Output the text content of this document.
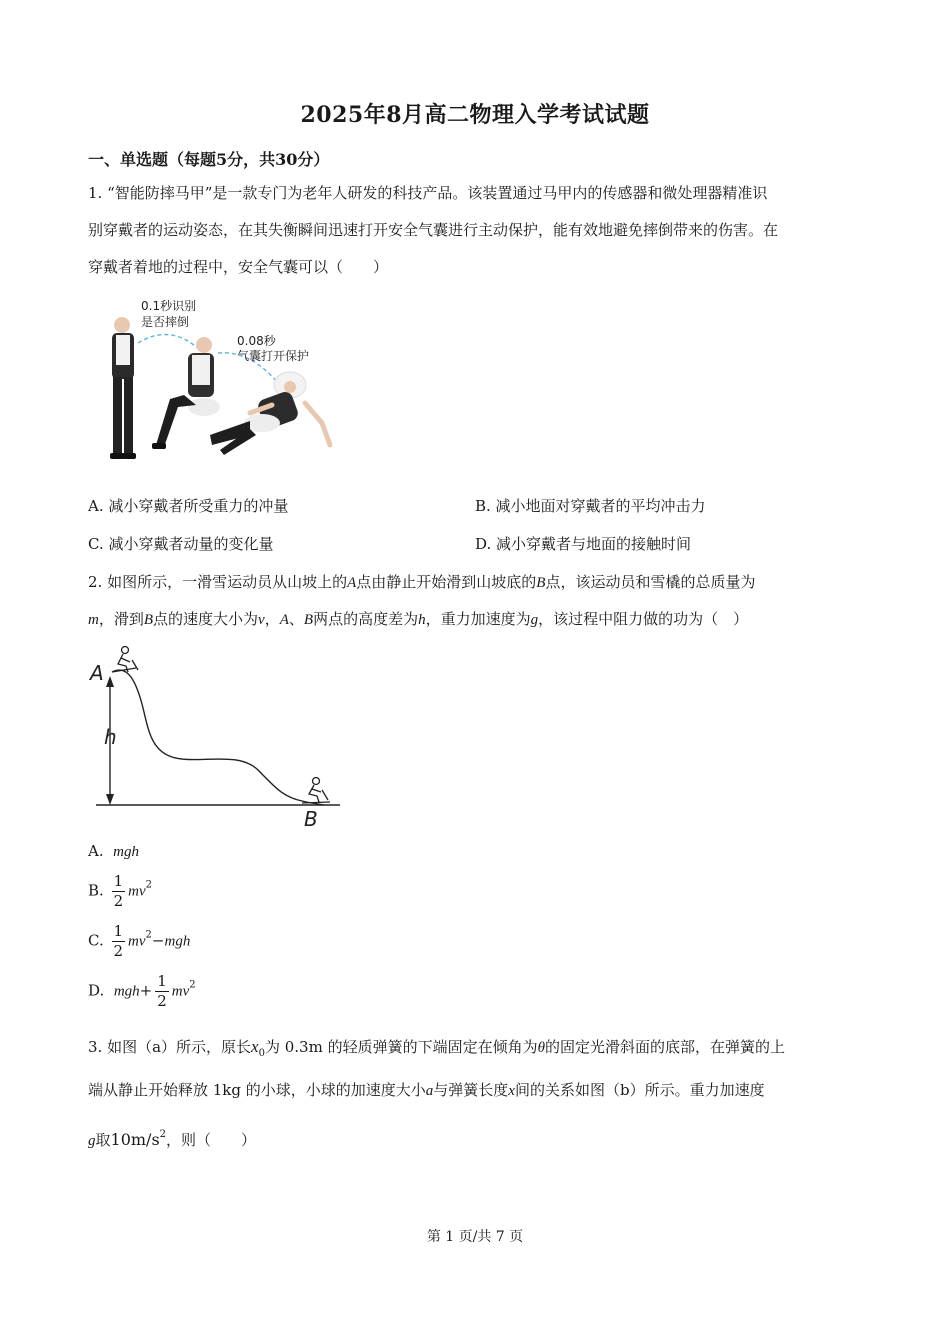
2025年8月高二物理入学考试试题
一、单选题（每题5分，共30分）
1. “智能防摔马甲”是一款专门为老年人研发的科技产品。该装置通过马甲内的传感器和微处理器精准识
别穿戴者的运动姿态，在其失衡瞬间迅速打开安全气囊进行主动保护，能有效地避免摔倒带来的伤害。在
穿戴者着地的过程中，安全气囊可以（　　）
0.1秒识别
是否摔倒
0.08秒
气囊打开保护
A. 减小穿戴者所受重力的冲量	B. 减小地面对穿戴者的平均冲击力
C. 减小穿戴者动量的变化量	D. 减小穿戴者与地面的接触时间
2. 如图所示，一滑雪运动员从山坡上的A点由静止开始滑到山坡底的B点，该运动员和雪橇的总质量为
m，滑到B点的速度大小为v，A、B两点的高度差为h，重力加速度为g，该过程中阻力做的功为（　）
A
h
B
A. mgh
B. $\frac{1}{2} mv^2$
C. $\frac{1}{2} mv^2-mgh$
D. $mgh+ \frac{1}{2} mv^2$
3. 如图（a）所示，原长$x_0$为 0.3m 的轻质弹簧的下端固定在倾角为θ的固定光滑斜面的底部，在弹簧的上
端从静止开始释放 1kg 的小球，小球的加速度大小a与弹簧长度x间的关系如图（b）所示。重力加速度
g取$10m/s^2$，则（　　）
第 1 页/共 7 页
